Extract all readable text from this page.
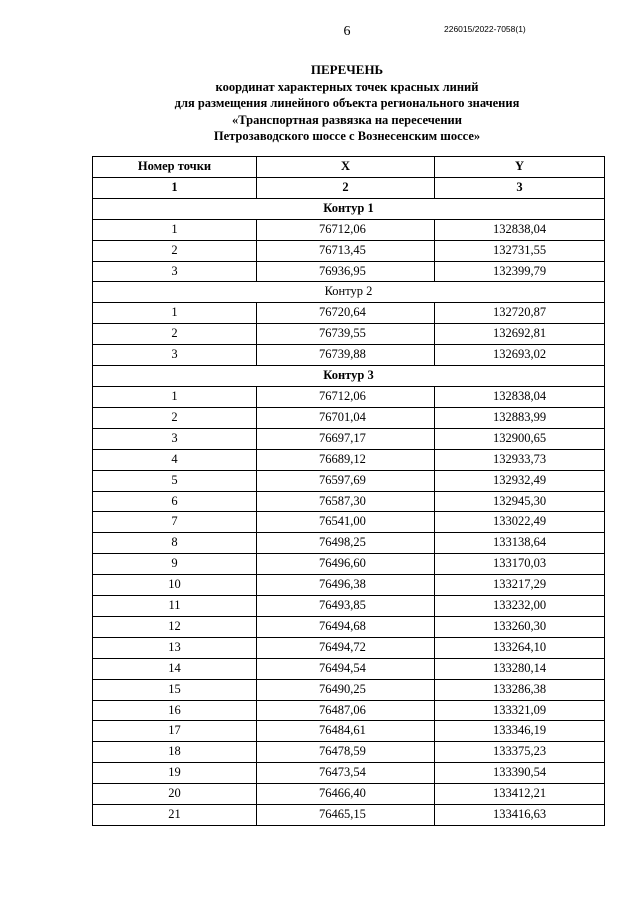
6	226015/2022-7058(1)
ПЕРЕЧЕНЬ
координат характерных точек красных линий
для размещения линейного объекта регионального значения
«Транспортная развязка на пересечении
Петрозаводского шоссе с Вознесенским шоссе»
Номер точки	X	Y
1	2	3
Контур 1		
1	76712,06	132838,04
2	76713,45	132731,55
3	76936,95	132399,79
Контур 2		
1	76720,64	132720,87
2	76739,55	132692,81
3	76739,88	132693,02
Контур 3		
1	76712,06	132838,04
2	76701,04	132883,99
3	76697,17	132900,65
4	76689,12	132933,73
5	76597,69	132932,49
6	76587,30	132945,30
7	76541,00	133022,49
8	76498,25	133138,64
9	76496,60	133170,03
10	76496,38	133217,29
11	76493,85	133232,00
12	76494,68	133260,30
13	76494,72	133264,10
14	76494,54	133280,14
15	76490,25	133286,38
16	76487,06	133321,09
17	76484,61	133346,19
18	76478,59	133375,23
19	76473,54	133390,54
20	76466,40	133412,21
21	76465,15	133416,63
